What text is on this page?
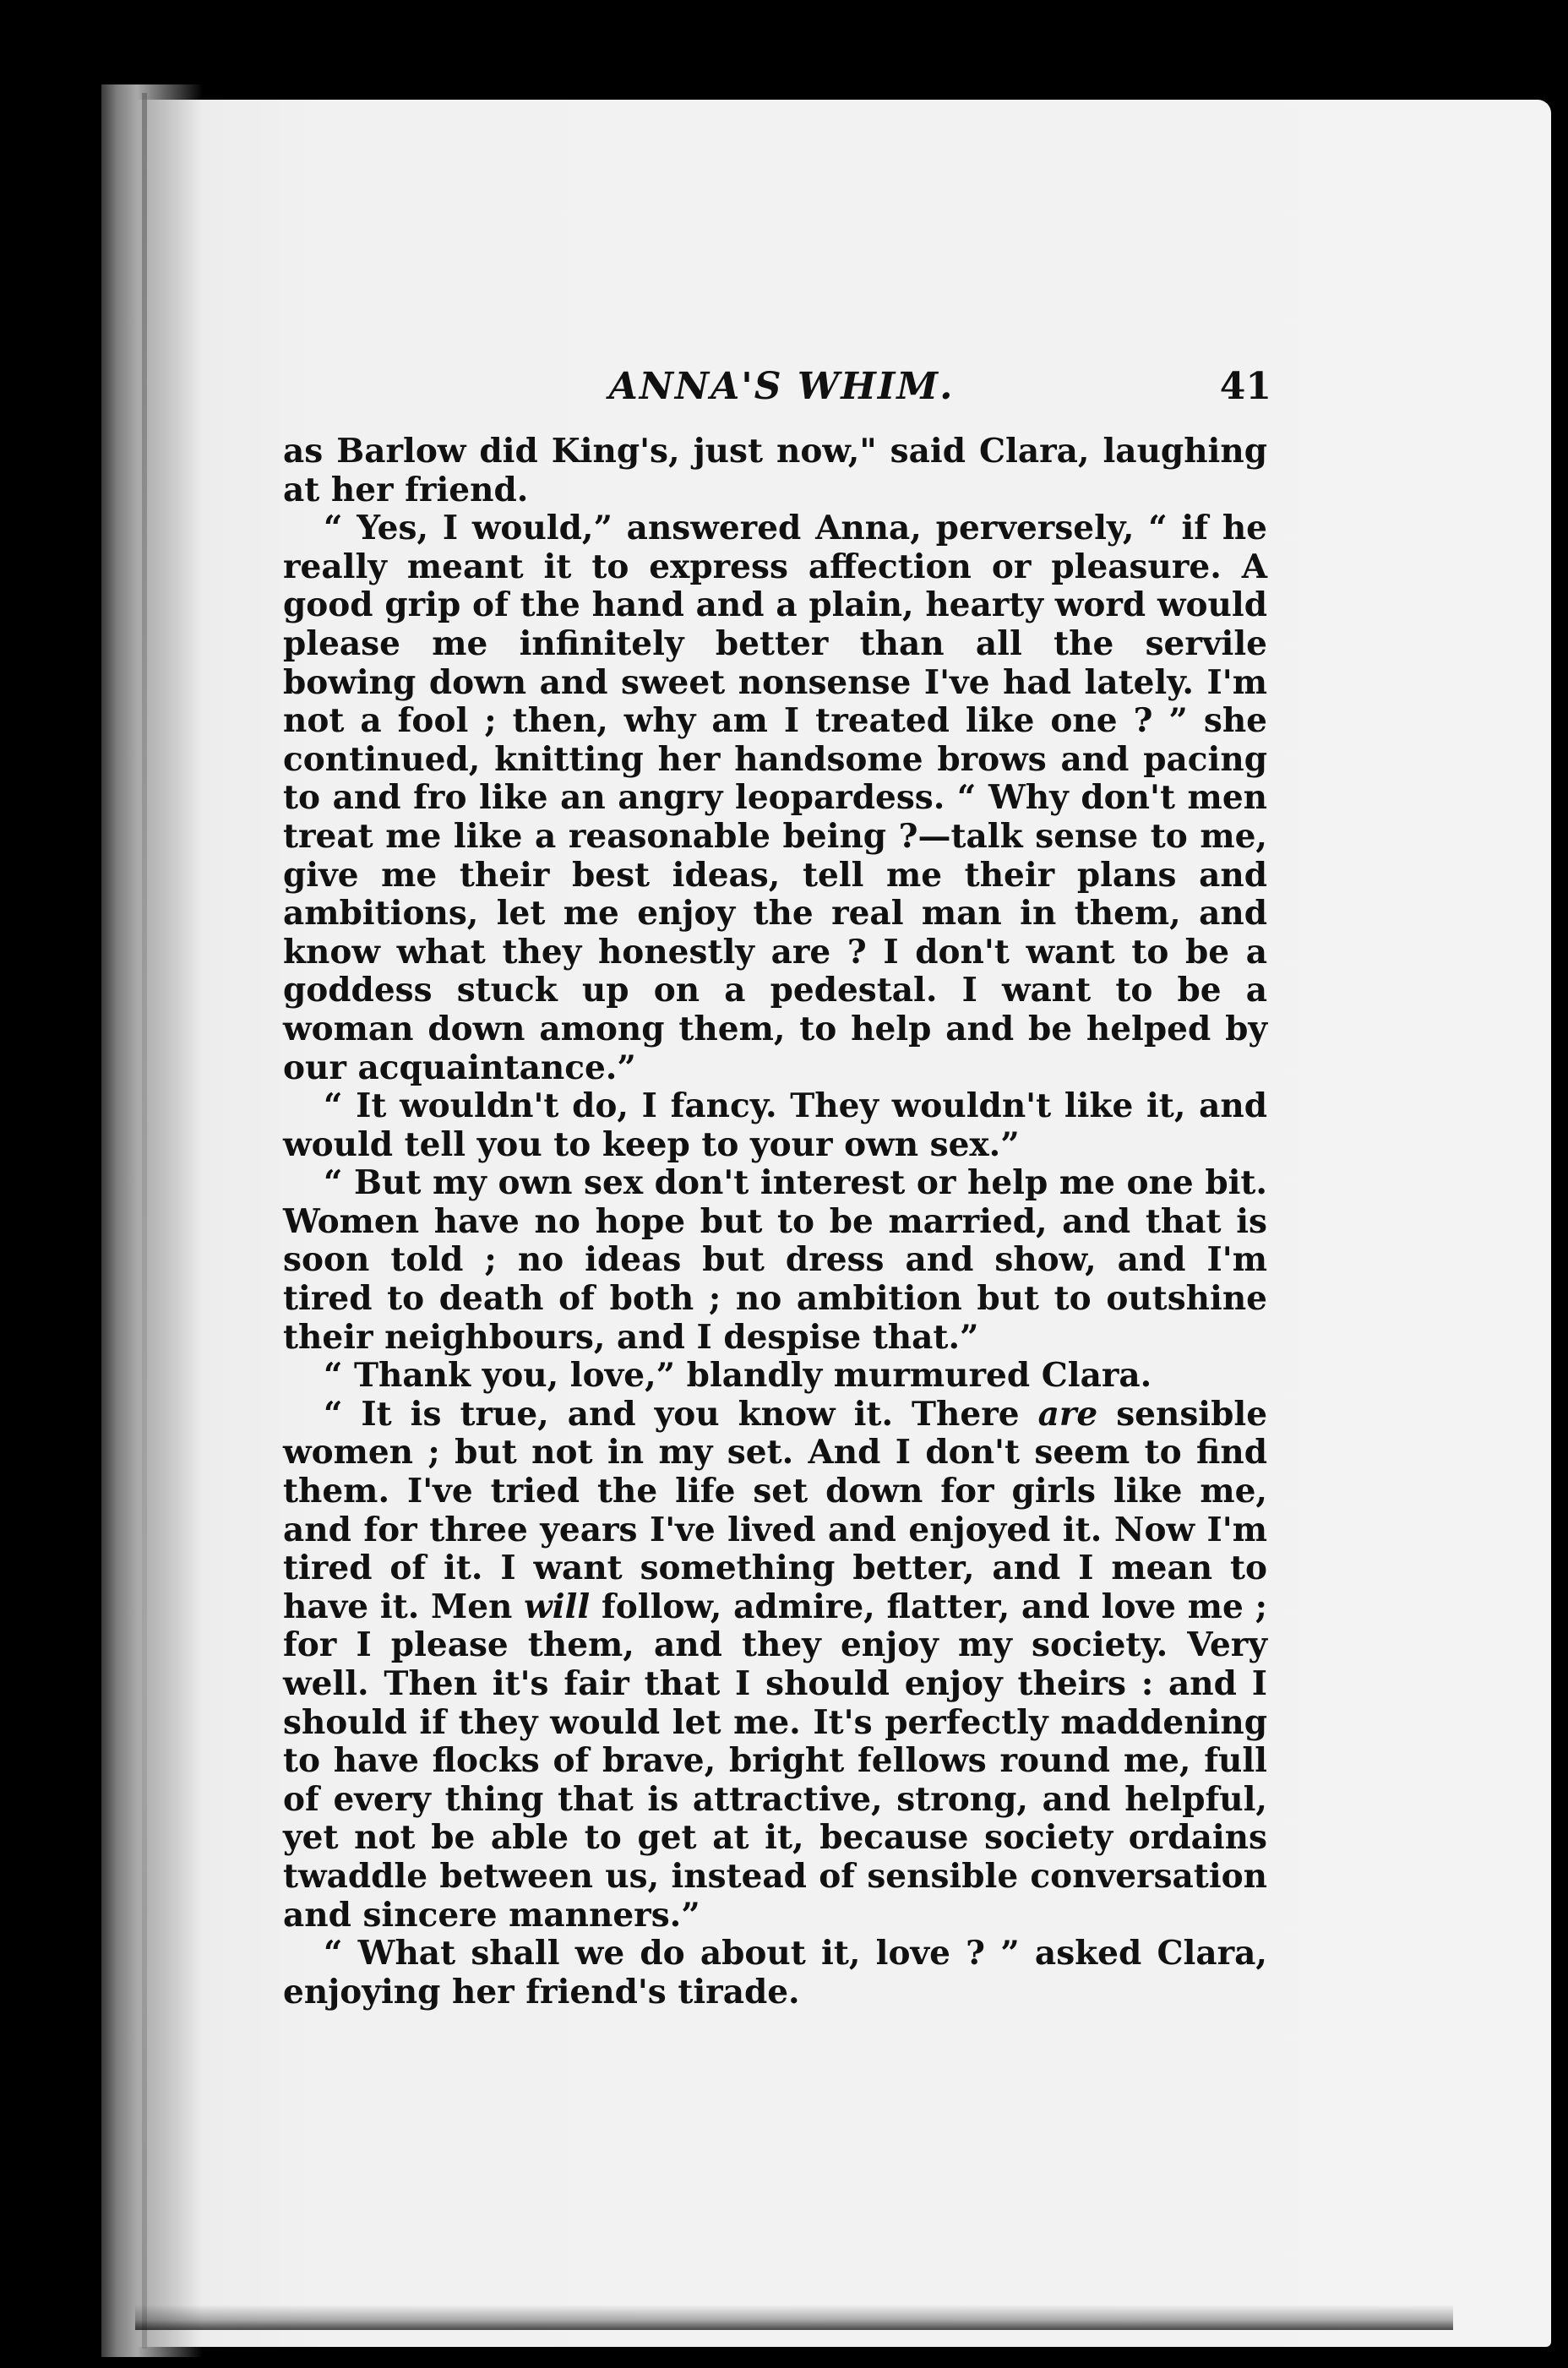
ANNA'S WHIM.	41

as Barlow did King's, just now," said Clara, laughing at her friend.

“ Yes, I would,” answered Anna, perversely, “ if he really meant it to express affection or pleasure. A good grip of the hand and a plain, hearty word would please me infinitely better than all the servile bowing down and sweet nonsense I've had lately. I'm not a fool ; then, why am I treated like one ? ” she continued, knitting her handsome brows and pacing to and fro like an angry leopardess. “ Why don't men treat me like a reasonable being ?—talk sense to me, give me their best ideas, tell me their plans and ambitions, let me enjoy the real man in them, and know what they honestly are ? I don't want to be a goddess stuck up on a pedestal. I want to be a woman down among them, to help and be helped by our acquaintance.”

“ It wouldn't do, I fancy. They wouldn't like it, and would tell you to keep to your own sex.”

“ But my own sex don't interest or help me one bit. Women have no hope but to be married, and that is soon told ; no ideas but dress and show, and I'm tired to death of both ; no ambition but to outshine their neighbours, and I despise that.”

“ Thank you, love,” blandly murmured Clara.

“ It is true, and you know it. There are sensible women ; but not in my set. And I don't seem to find them. I've tried the life set down for girls like me, and for three years I've lived and enjoyed it. Now I'm tired of it. I want something better, and I mean to have it. Men will follow, admire, flatter, and love me ; for I please them, and they enjoy my society. Very well. Then it's fair that I should enjoy theirs : and I should if they would let me. It's perfectly maddening to have flocks of brave, bright fellows round me, full of every thing that is attractive, strong, and helpful, yet not be able to get at it, because society ordains twaddle between us, instead of sensible conversation and sincere manners.”

“ What shall we do about it, love ? ” asked Clara, enjoying her friend's tirade.
